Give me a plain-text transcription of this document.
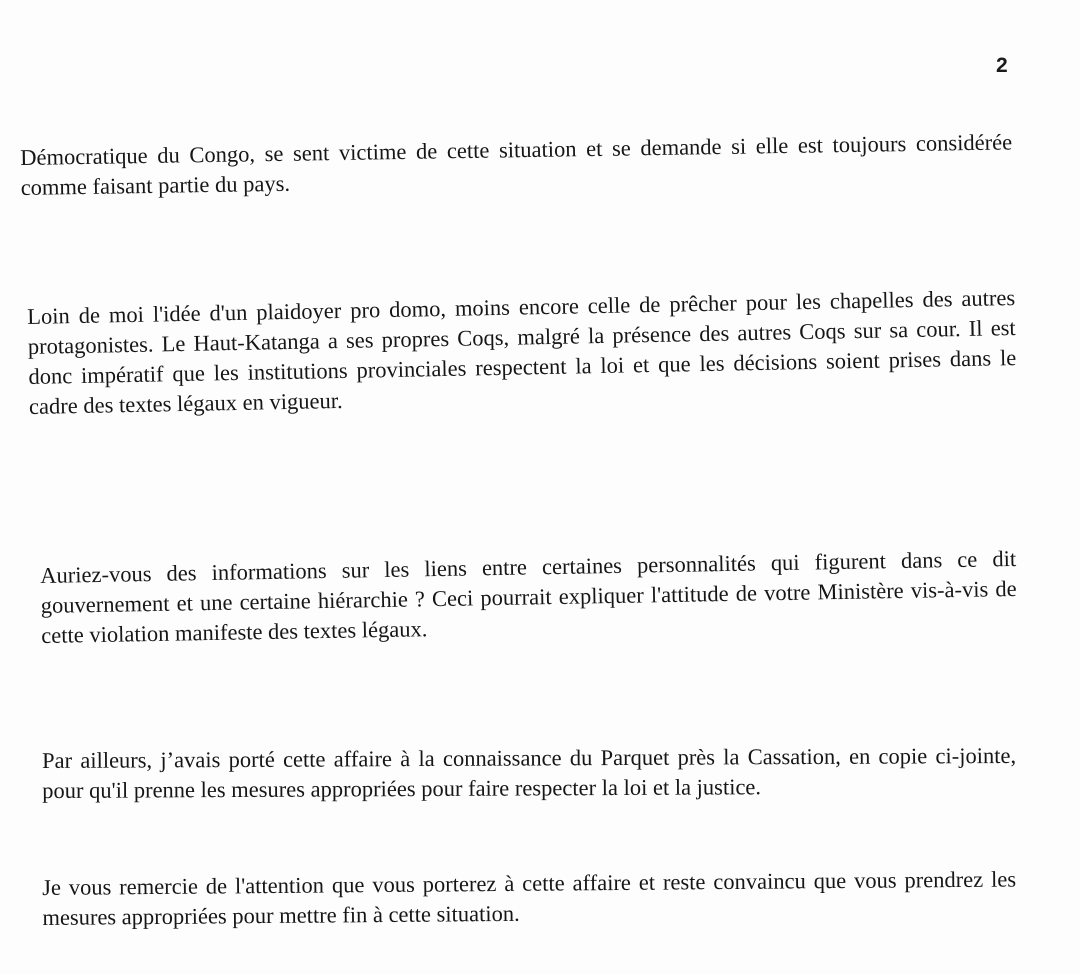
2

Démocratique du Congo, se sent victime de cette situation et se demande si elle est toujours considérée comme faisant partie du pays.

Loin de moi l'idée d'un plaidoyer pro domo, moins encore celle de prêcher pour les chapelles des autres protagonistes. Le Haut-Katanga a ses propres Coqs, malgré la présence des autres Coqs sur sa cour. Il est donc impératif que les institutions provinciales respectent la loi et que les décisions soient prises dans le cadre des textes légaux en vigueur.

Auriez-vous des informations sur les liens entre certaines personnalités qui figurent dans ce dit gouvernement et une certaine hiérarchie ? Ceci pourrait expliquer l'attitude de votre Ministère vis-à-vis de cette violation manifeste des textes légaux.

Par ailleurs, j’avais porté cette affaire à la connaissance du Parquet près la Cassation, en copie ci-jointe, pour qu'il prenne les mesures appropriées pour faire respecter la loi et la justice.

Je vous remercie de l'attention que vous porterez à cette affaire et reste convaincu que vous prendrez les mesures appropriées pour mettre fin à cette situation.
